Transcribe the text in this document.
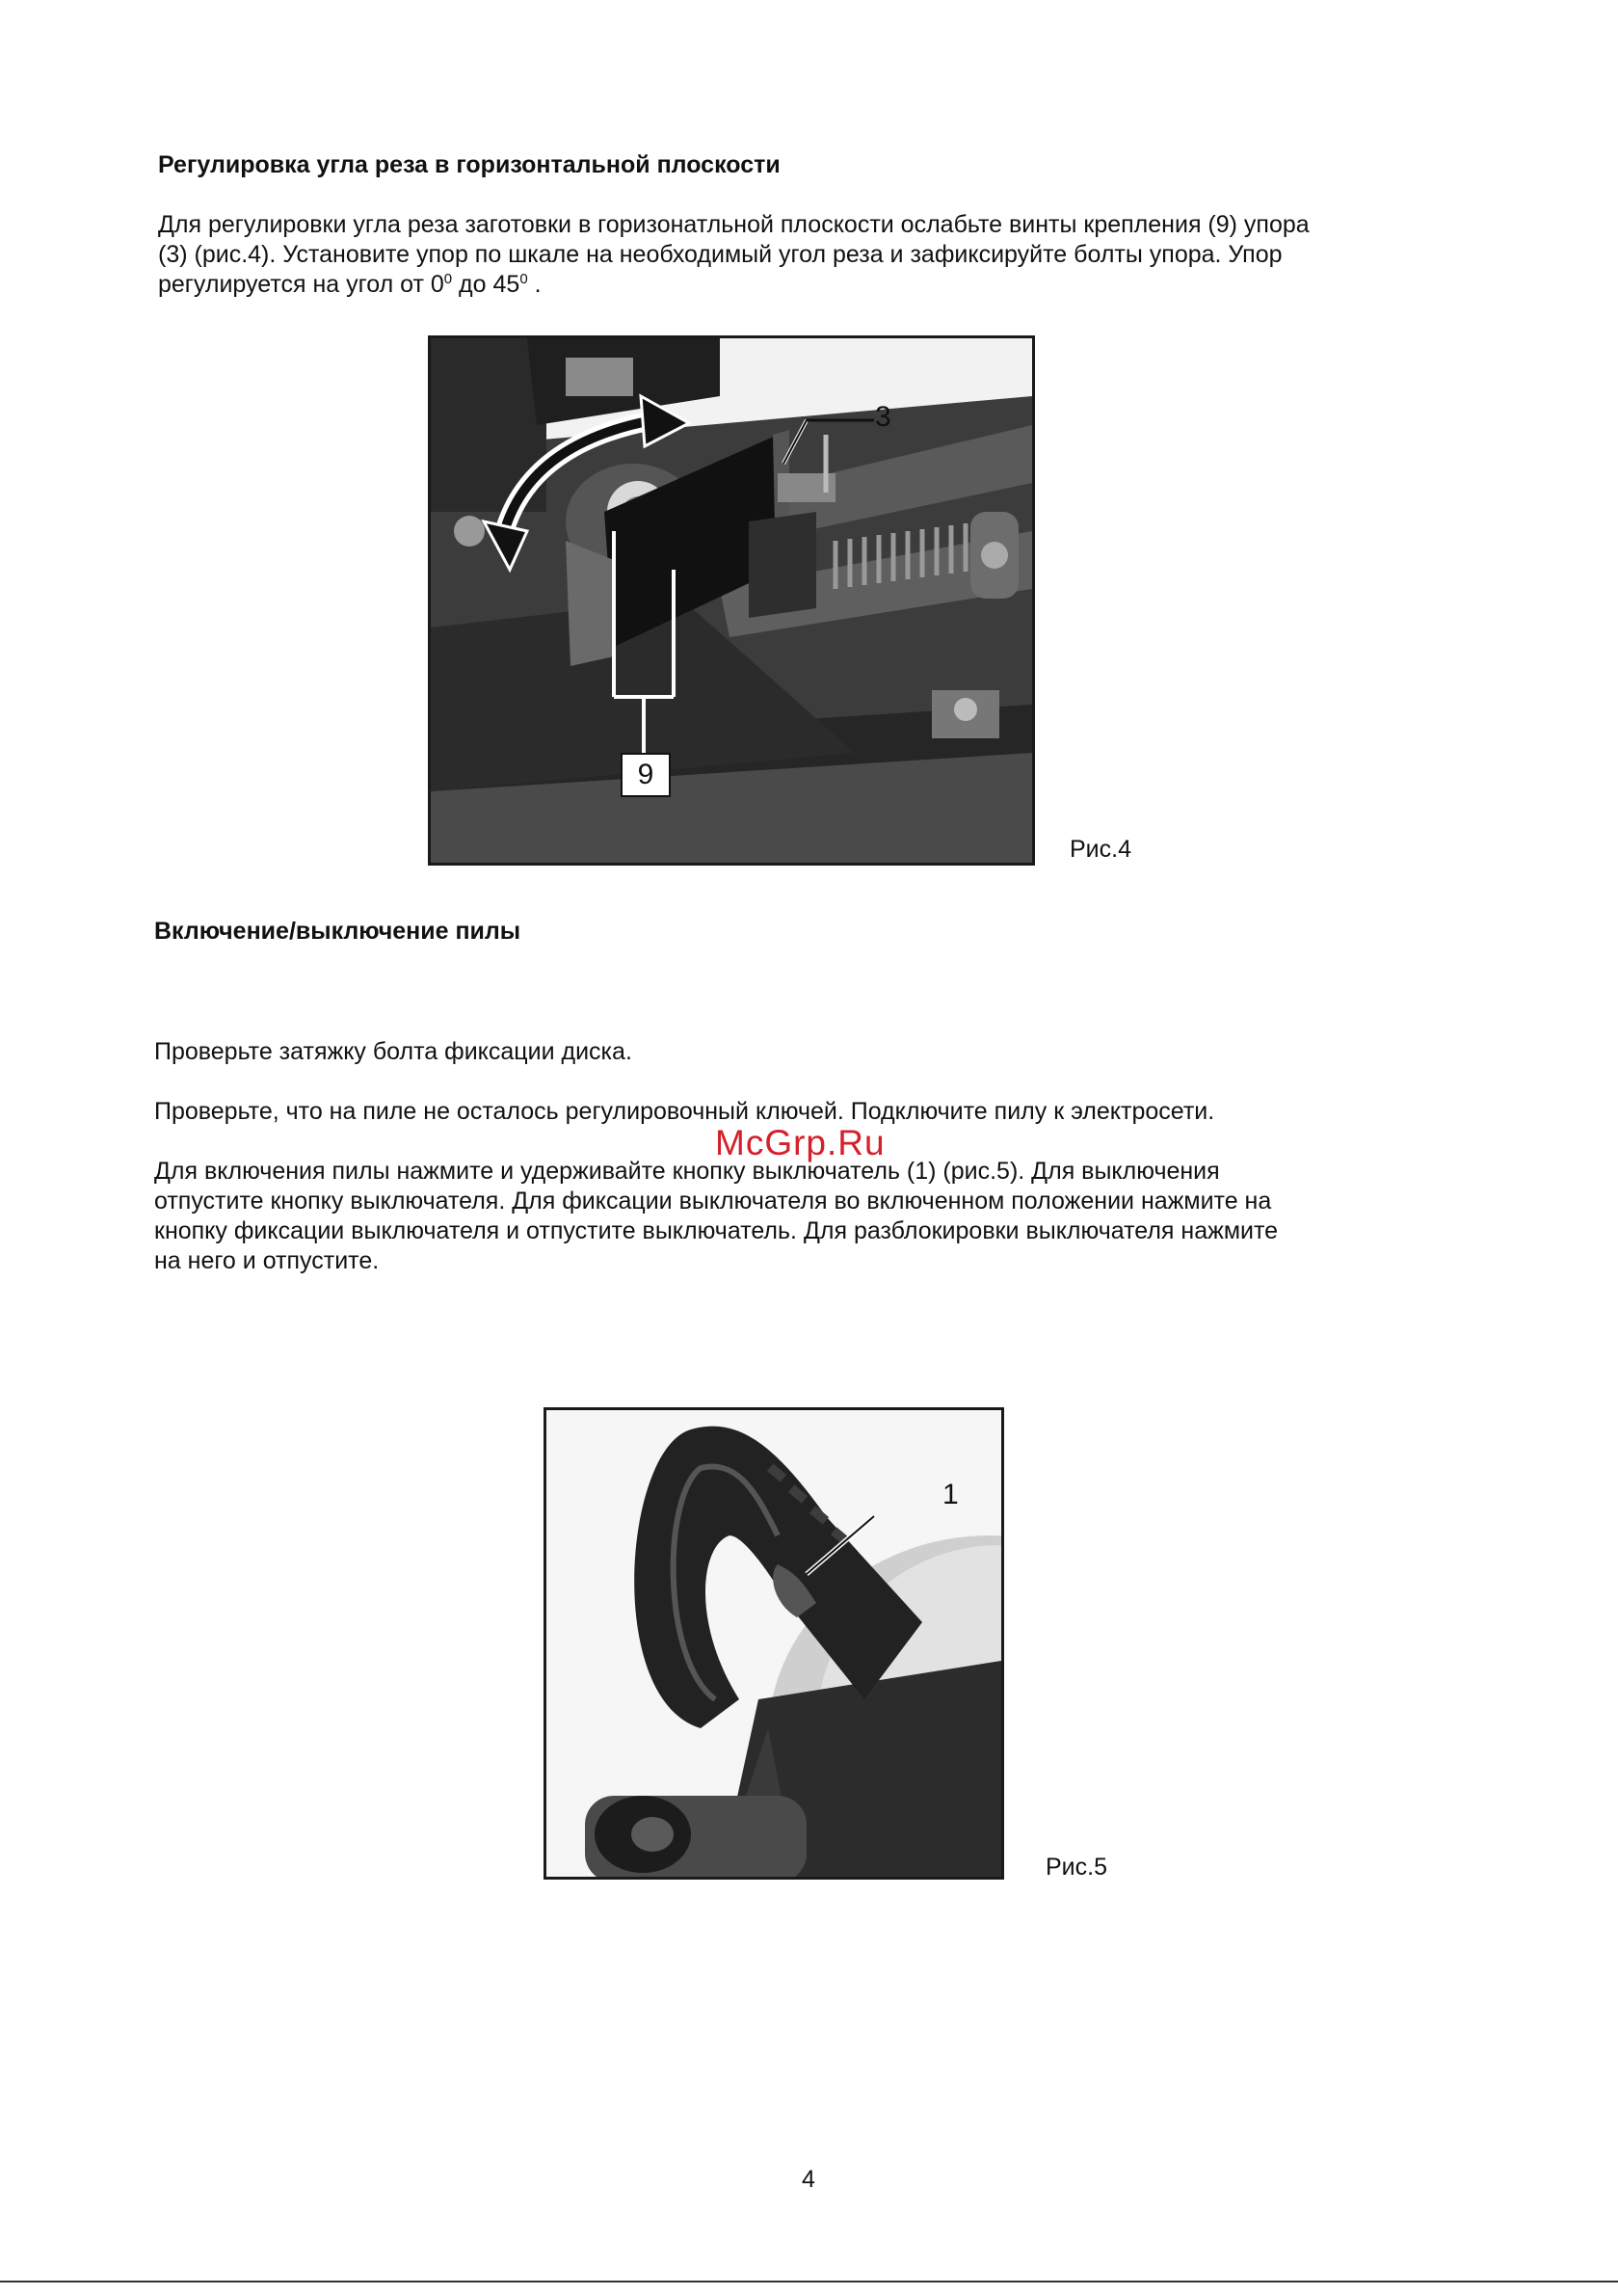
Регулировка угла реза в горизонтальной плоскости
Для регулировки угла реза заготовки в горизонатльной плоскости ослабьте винты крепления (9) упора
(3) (рис.4). Установите упор по шкале на необходимый угол реза и зафиксируйте болты упора. Упор
регулируется на угол от $0^0$ до $45^0$ .
3
9
Рис.4
Включение/выключение пилы
Проверьте затяжку болта фиксации диска.
Проверьте, что на пиле не осталось регулировочный ключей. Подключите пилу к электросети.
McGrp.Ru
Для включения пилы нажмите и удерживайте кнопку выключатель (1) (рис.5). Для выключения
отпустите кнопку выключателя. Для фиксации выключателя во включенном положении нажмите на
кнопку фиксации выключателя и отпустите выключатель. Для разблокировки выключателя нажмите
на него и отпустите.
1
Рис.5
4
